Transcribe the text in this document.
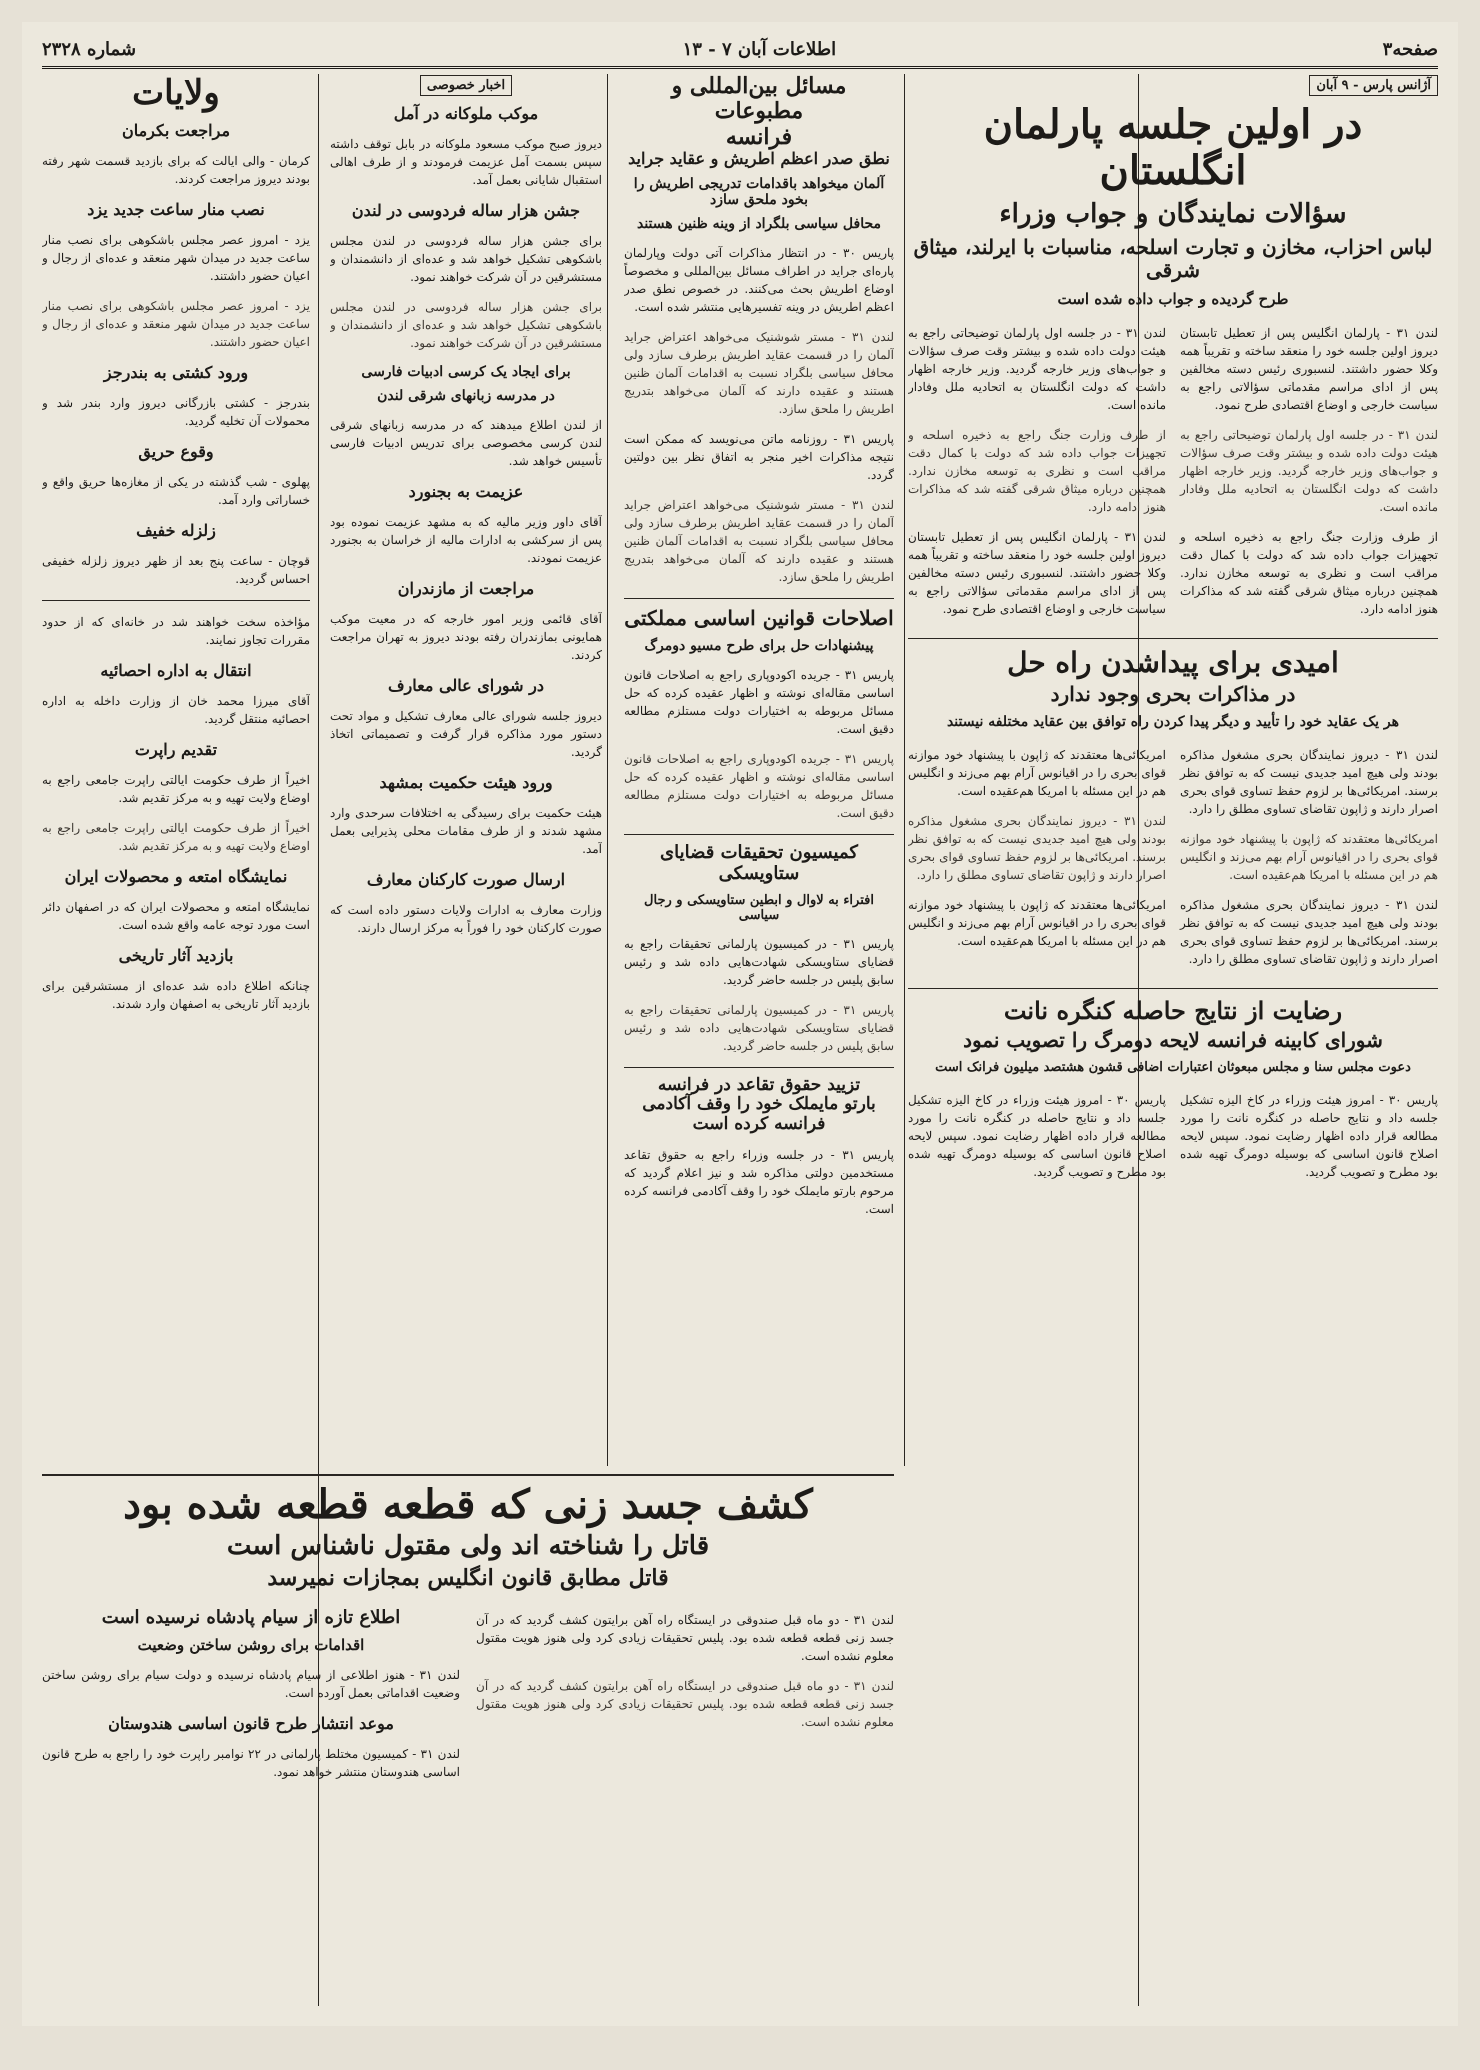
صفحه۳
اطلاعات آبان ۷ - ۱۳
شماره ۲۳۲۸
آژانس پارس - ۹ آبان
در اولین جلسه پارلمان انگلستان
سؤالات نمایندگان و جواب وزراء
لباس احزاب، مخازن و تجارت اسلحه، مناسبات با ایرلند، میثاق شرقی
طرح گردیده و جواب داده شده است

لندن ۳۱ - پارلمان انگلیس پس از تعطیل تابستان دیروز اولین جلسه خود را منعقد ساخته و تقریباً همه وکلا حضور داشتند. لنسبوری رئیس دسته مخالفین پس از ادای مراسم مقدماتی سؤالاتی راجع به سیاست خارجی و اوضاع اقتصادی طرح نمود.

لندن ۳۱ - در جلسه اول پارلمان توضیحاتی راجع به هیئت دولت داده شده و بیشتر وقت صرف سؤالات و جواب‌های وزیر خارجه گردید. وزیر خارجه اظهار داشت که دولت انگلستان به اتحادیه ملل وفادار مانده است.

از طرف وزارت جنگ راجع به ذخیره اسلحه و تجهیزات جواب داده شد که دولت با کمال دقت مراقب است و نظری به توسعه مخازن ندارد. همچنین درباره میثاق شرقی گفته شد که مذاکرات هنوز ادامه دارد.

لندن ۳۱ - در جلسه اول پارلمان توضیحاتی راجع به هیئت دولت داده شده و بیشتر وقت صرف سؤالات و جواب‌های وزیر خارجه گردید. وزیر خارجه اظهار داشت که دولت انگلستان به اتحادیه ملل وفادار مانده است.

از طرف وزارت جنگ راجع به ذخیره اسلحه و تجهیزات جواب داده شد که دولت با کمال دقت مراقب است و نظری به توسعه مخازن ندارد. همچنین درباره میثاق شرقی گفته شد که مذاکرات هنوز ادامه دارد.

لندن ۳۱ - پارلمان انگلیس پس از تعطیل تابستان دیروز اولین جلسه خود را منعقد ساخته و تقریباً همه وکلا حضور داشتند. لنسبوری رئیس دسته مخالفین پس از ادای مراسم مقدماتی سؤالاتی راجع به سیاست خارجی و اوضاع اقتصادی طرح نمود.

امیدی برای پیداشدن راه حل
در مذاکرات بحری وجود ندارد
هر یک عقاید خود را تأیید و دیگر پیدا کردن راه توافق بین عقاید مختلفه نیستند

لندن ۳۱ - دیروز نمایندگان بحری مشغول مذاکره بودند ولی هیچ امید جدیدی نیست که به توافق نظر برسند. امریکائی‌ها بر لزوم حفظ تساوی قوای بحری اصرار دارند و ژاپون تقاضای تساوی مطلق را دارد.

امریکائی‌ها معتقدند که ژاپون با پیشنهاد خود موازنه قوای بحری را در اقیانوس آرام بهم می‌زند و انگلیس هم در این مسئله با امریکا هم‌عقیده است.

لندن ۳۱ - دیروز نمایندگان بحری مشغول مذاکره بودند ولی هیچ امید جدیدی نیست که به توافق نظر برسند. امریکائی‌ها بر لزوم حفظ تساوی قوای بحری اصرار دارند و ژاپون تقاضای تساوی مطلق را دارد.

امریکائی‌ها معتقدند که ژاپون با پیشنهاد خود موازنه قوای بحری را در اقیانوس آرام بهم می‌زند و انگلیس هم در این مسئله با امریکا هم‌عقیده است.

لندن ۳۱ - دیروز نمایندگان بحری مشغول مذاکره بودند ولی هیچ امید جدیدی نیست که به توافق نظر برسند. امریکائی‌ها بر لزوم حفظ تساوی قوای بحری اصرار دارند و ژاپون تقاضای تساوی مطلق را دارد.

امریکائی‌ها معتقدند که ژاپون با پیشنهاد خود موازنه قوای بحری را در اقیانوس آرام بهم می‌زند و انگلیس هم در این مسئله با امریکا هم‌عقیده است.

رضایت از نتایج حاصله کنگره نانت
شورای کابینه فرانسه لایحه دومرگ را تصویب نمود
دعوت مجلس سنا و مجلس مبعوثان اعتبارات اضافی قشون هشتصد میلیون فرانک است

پاریس ۳۰ - امروز هیئت وزراء در کاخ الیزه تشکیل جلسه داد و نتایج حاصله در کنگره نانت را مورد مطالعه قرار داده اظهار رضایت نمود. سپس لایحه اصلاح قانون اساسی که بوسیله دومرگ تهیه شده بود مطرح و تصویب گردید.

پاریس ۳۰ - امروز هیئت وزراء در کاخ الیزه تشکیل جلسه داد و نتایج حاصله در کنگره نانت را مورد مطالعه قرار داده اظهار رضایت نمود. سپس لایحه اصلاح قانون اساسی که بوسیله دومرگ تهیه شده بود مطرح و تصویب گردید.

مسائل بین‌المللی و مطبوعات
فرانسه
نطق صدر اعظم اطریش و عقاید جراید
آلمان میخواهد باقدامات تدریجی اطریش را بخود ملحق سازد
محافل سیاسی بلگراد از وینه ظنین هستند

پاریس ۳۰ - در انتظار مذاکرات آتی دولت وپارلمان پاره‌ای جراید در اطراف مسائل بین‌المللی و مخصوصاً اوضاع اطریش بحث می‌کنند. در خصوص نطق صدر اعظم اطریش در وینه تفسیرهایی منتشر شده است.

لندن ۳۱ - مستر شوشنیک می‌خواهد اعتراض جراید آلمان را در قسمت عقاید اطریش برطرف سازد ولی محافل سیاسی بلگراد نسبت به اقدامات آلمان ظنین هستند و عقیده دارند که آلمان می‌خواهد بتدریج اطریش را ملحق سازد.

پاریس ۳۱ - روزنامه ماتن می‌نویسد که ممکن است نتیجه مذاکرات اخیر منجر به اتفاق نظر بین دولتین گردد.

لندن ۳۱ - مستر شوشنیک می‌خواهد اعتراض جراید آلمان را در قسمت عقاید اطریش برطرف سازد ولی محافل سیاسی بلگراد نسبت به اقدامات آلمان ظنین هستند و عقیده دارند که آلمان می‌خواهد بتدریج اطریش را ملحق سازد.

اصلاحات قوانین اساسی مملکتی
پیشنهادات حل برای طرح مسیو دومرگ

پاریس ۳۱ - جریده اکودوپاری راجع به اصلاحات قانون اساسی مقاله‌ای نوشته و اظهار عقیده کرده که حل مسائل مربوطه به اختیارات دولت مستلزم مطالعه دقیق است.

پاریس ۳۱ - جریده اکودوپاری راجع به اصلاحات قانون اساسی مقاله‌ای نوشته و اظهار عقیده کرده که حل مسائل مربوطه به اختیارات دولت مستلزم مطالعه دقیق است.

کمیسیون تحقیقات قضایای ستاویسکی
افتراء به لاوال و ابطین ستاویسکی و رجال سیاسی

پاریس ۳۱ - در کمیسیون پارلمانی تحقیقات راجع به قضایای ستاویسکی شهادت‌هایی داده شد و رئیس سابق پلیس در جلسه حاضر گردید.

پاریس ۳۱ - در کمیسیون پارلمانی تحقیقات راجع به قضایای ستاویسکی شهادت‌هایی داده شد و رئیس سابق پلیس در جلسه حاضر گردید.

تزیید حقوق تقاعد در فرانسه
بارتو مایملک خود را وقف آکادمی فرانسه کرده است

پاریس ۳۱ - در جلسه وزراء راجع به حقوق تقاعد مستخدمین دولتی مذاکره شد و نیز اعلام گردید که مرحوم بارتو مایملک خود را وقف آکادمی فرانسه کرده است.

اخبار خصوصی
موکب ملوکانه در آمل

دیروز صبح موکب مسعود ملوکانه در بابل توقف داشته سپس بسمت آمل عزیمت فرمودند و از طرف اهالی استقبال شایانی بعمل آمد.

جشن هزار ساله فردوسی در لندن

برای جشن هزار ساله فردوسی در لندن مجلس باشکوهی تشکیل خواهد شد و عده‌ای از دانشمندان و مستشرقین در آن شرکت خواهند نمود.

برای جشن هزار ساله فردوسی در لندن مجلس باشکوهی تشکیل خواهد شد و عده‌ای از دانشمندان و مستشرقین در آن شرکت خواهند نمود.

برای ایجاد یک کرسی ادبیات فارسی
در مدرسه زبانهای شرقی لندن

از لندن اطلاع میدهند که در مدرسه زبانهای شرقی لندن کرسی مخصوصی برای تدریس ادبیات فارسی تأسیس خواهد شد.

عزیمت به بجنورد

آقای داور وزیر مالیه که به مشهد عزیمت نموده بود پس از سرکشی به ادارات مالیه از خراسان به بجنورد عزیمت نمودند.

مراجعت از مازندران

آقای قائمی وزیر امور خارجه که در معیت موکب همایونی بمازندران رفته بودند دیروز به تهران مراجعت کردند.

در شورای عالی معارف

دیروز جلسه شورای عالی معارف تشکیل و مواد تحت دستور مورد مذاکره قرار گرفت و تصمیماتی اتخاذ گردید.

ورود هیئت حکمیت بمشهد

هیئت حکمیت برای رسیدگی به اختلافات سرحدی وارد مشهد شدند و از طرف مقامات محلی پذیرایی بعمل آمد.

ارسال صورت کارکنان معارف

وزارت معارف به ادارات ولایات دستور داده است که صورت کارکنان خود را فوراً به مرکز ارسال دارند.

ولایات
مراجعت بکرمان

کرمان - والی ایالت که برای بازدید قسمت شهر رفته بودند دیروز مراجعت کردند.

نصب منار ساعت جدید یزد

یزد - امروز عصر مجلس باشکوهی برای نصب منار ساعت جدید در میدان شهر منعقد و عده‌ای از رجال و اعیان حضور داشتند.

یزد - امروز عصر مجلس باشکوهی برای نصب منار ساعت جدید در میدان شهر منعقد و عده‌ای از رجال و اعیان حضور داشتند.

ورود کشتی به بندرجز

بندرجز - کشتی بازرگانی دیروز وارد بندر شد و محمولات آن تخلیه گردید.

وقوع حریق

پهلوی - شب گذشته در یکی از مغازه‌ها حریق واقع و خساراتی وارد آمد.

زلزله خفیف

قوچان - ساعت پنج بعد از ظهر دیروز زلزله خفیفی احساس گردید.

مؤاخذه سخت خواهند شد در خانه‌ای که از حدود مقررات تجاوز نمایند.

انتقال به اداره احصائیه

آقای میرزا محمد خان از وزارت داخله به اداره احصائیه منتقل گردید.

تقدیم راپرت

اخیراً از طرف حکومت ایالتی راپرت جامعی راجع به اوضاع ولایت تهیه و به مرکز تقدیم شد.

اخیراً از طرف حکومت ایالتی راپرت جامعی راجع به اوضاع ولایت تهیه و به مرکز تقدیم شد.

نمایشگاه امتعه و محصولات ایران

نمایشگاه امتعه و محصولات ایران که در اصفهان دائر است مورد توجه عامه واقع شده است.

بازدید آثار تاریخی

چنانکه اطلاع داده شد عده‌ای از مستشرقین برای بازدید آثار تاریخی به اصفهان وارد شدند.

کشف جسد زنی که قطعه قطعه شده بود
قاتل را شناخته اند ولی مقتول ناشناس است
قاتل مطابق قانون انگلیس بمجازات نمیرسد

لندن ۳۱ - دو ماه قبل صندوقی در ایستگاه راه آهن برایتون کشف گردید که در آن جسد زنی قطعه قطعه شده بود. پلیس تحقیقات زیادی کرد ولی هنوز هویت مقتول معلوم نشده است.

لندن ۳۱ - دو ماه قبل صندوقی در ایستگاه راه آهن برایتون کشف گردید که در آن جسد زنی قطعه قطعه شده بود. پلیس تحقیقات زیادی کرد ولی هنوز هویت مقتول معلوم نشده است.

اطلاع تازه از سیام پادشاه نرسیده است
اقدامات برای روشن ساختن وضعیت

لندن ۳۱ - هنوز اطلاعی از سیام پادشاه نرسیده و دولت سیام برای روشن ساختن وضعیت اقداماتی بعمل آورده است.

موعد انتشار طرح قانون اساسی هندوستان

لندن ۳۱ - کمیسیون مختلط پارلمانی در ۲۲ نوامبر راپرت خود را راجع به طرح قانون اساسی هندوستان منتشر خواهد نمود.
